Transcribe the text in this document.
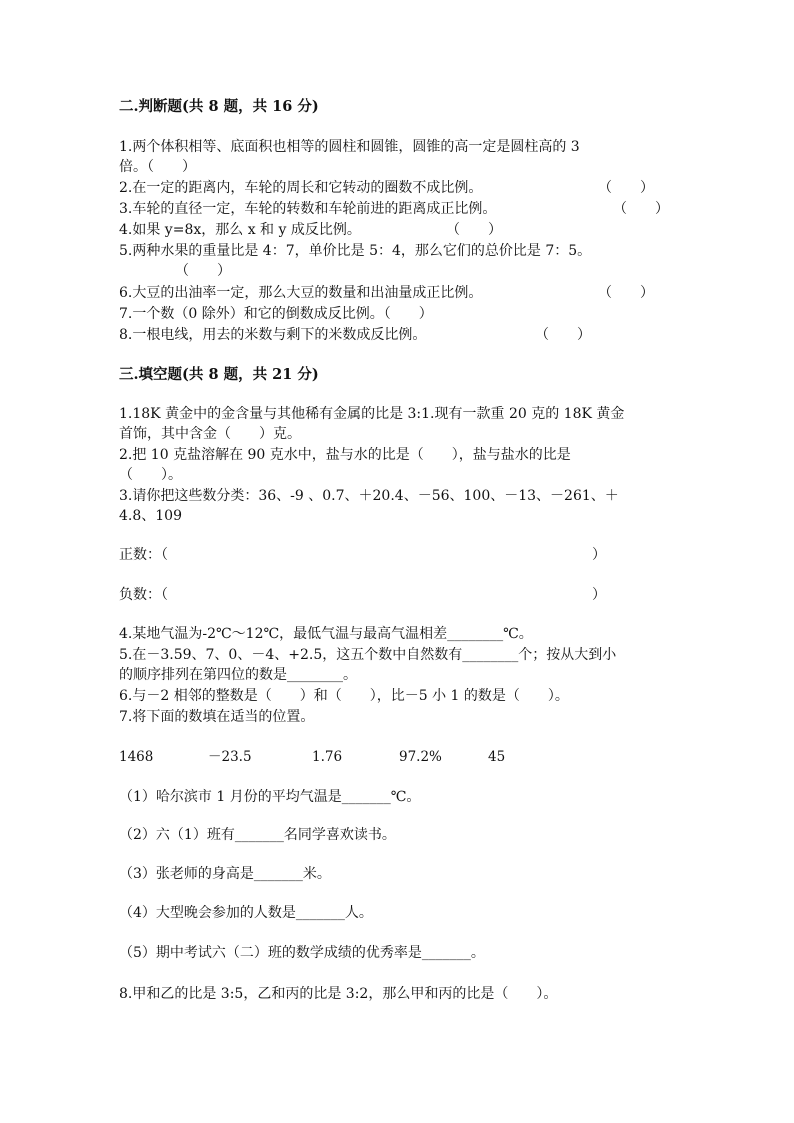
二.判断题(共 8 题，共 16 分)
1.两个体积相等、底面积也相等的圆柱和圆锥，圆锥的高一定是圆柱高的 3
倍。（　　）
2.在一定的距离内，车轮的周长和它转动的圈数不成比例。	（　　）
3.车轮的直径一定，车轮的转数和车轮前进的距离成正比例。	（　　）
4.如果 y=8x，那么 x 和 y 成反比例。	（　　）
5.两种水果的重量比是 4：7，单价比是 5：4，那么它们的总价比是 7：5。
（　　）
6.大豆的出油率一定，那么大豆的数量和出油量成正比例。	（　　）
7.一个数（0 除外）和它的倒数成反比例。（　　）
8.一根电线，用去的米数与剩下的米数成反比例。	（　　）
三.填空题(共 8 题，共 21 分)
1.18K 黄金中的金含量与其他稀有金属的比是 3:1.现有一款重 20 克的 18K 黄金
首饰，其中含金（　　）克。
2.把 10 克盐溶解在 90 克水中，盐与水的比是（　　），盐与盐水的比是
（　　）。
3.请你把这些数分类：36、-9 、0.7、＋20.4、－56、100、－13、－261、＋
4.8、109
正数：（	）
负数：（	）
4.某地气温为-2℃～12℃，最低气温与最高气温相差________℃。
5.在－3.59、7、0、－4、+2.5，这五个数中自然数有________个；按从大到小
的顺序排列在第四位的数是________。
6.与－2 相邻的整数是（　　）和（　　），比－5 小 1 的数是（　　）。
7.将下面的数填在适当的位置。
1468	－23.5	1.76	97.2%	45
（1）哈尔滨市 1 月份的平均气温是_______℃。
（2）六（1）班有_______名同学喜欢读书。
（3）张老师的身高是_______米。
（4）大型晚会参加的人数是_______人。
（5）期中考试六（二）班的数学成绩的优秀率是_______。
8.甲和乙的比是 3:5，乙和丙的比是 3:2，那么甲和丙的比是（　　）。
